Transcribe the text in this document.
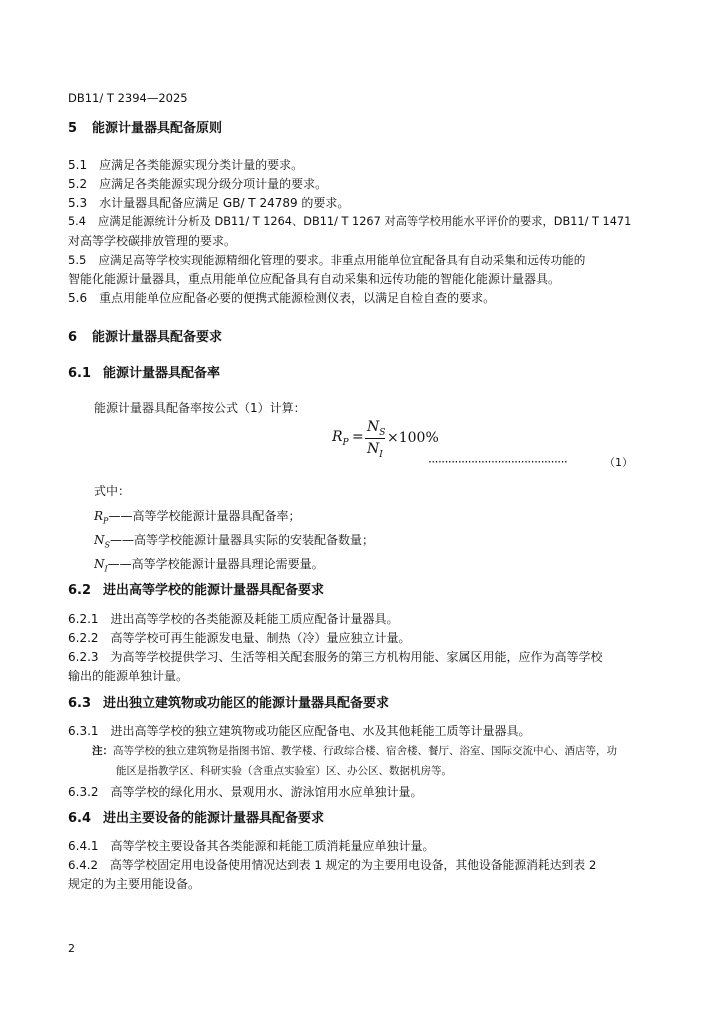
DB11/ T 2394—2025
5 能源计量器具配备原则
5.1 应满足各类能源实现分类计量的要求。
5.2 应满足各类能源实现分级分项计量的要求。
5.3 水计量器具配备应满足 GB/ T 24789 的要求。
5.4 应满足能源统计分析及 DB11/ T 1264、DB11/ T 1267 对高等学校用能水平评价的要求，DB11/ T 1471
对高等学校碳排放管理的要求。
5.5 应满足高等学校实现能源精细化管理的要求。非重点用能单位宜配备具有自动采集和远传功能的
智能化能源计量器具，重点用能单位应配备具有自动采集和远传功能的智能化能源计量器具。
5.6 重点用能单位应配备必要的便携式能源检测仪表，以满足自检自查的要求。
6 能源计量器具配备要求
6.1 能源计量器具配备率
能源计量器具配备率按公式（1）计算：
$R_P$ =
$N_S$
$N_I$
×100%
··········································	（1）
式中：
$R_P——$高等学校能源计量器具配备率；
$N_S——$高等学校能源计量器具实际的安装配备数量；
$N_I——$高等学校能源计量器具理论需要量。
6.2 进出高等学校的能源计量器具配备要求
6.2.1 进出高等学校的各类能源及耗能工质应配备计量器具。
6.2.2 高等学校可再生能源发电量、制热（冷）量应独立计量。
6.2.3 为高等学校提供学习、生活等相关配套服务的第三方机构用能、家属区用能，应作为高等学校
输出的能源单独计量。
6.3 进出独立建筑物或功能区的能源计量器具配备要求
6.3.1 进出高等学校的独立建筑物或功能区应配备电、水及其他耗能工质等计量器具。
注：高等学校的独立建筑物是指图书馆、教学楼、行政综合楼、宿舍楼、餐厅、浴室、国际交流中心、酒店等，功
能区是指教学区、科研实验（含重点实验室）区、办公区、数据机房等。
6.3.2 高等学校的绿化用水、景观用水、游泳馆用水应单独计量。
6.4 进出主要设备的能源计量器具配备要求
6.4.1 高等学校主要设备其各类能源和耗能工质消耗量应单独计量。
6.4.2 高等学校固定用电设备使用情况达到表 1 规定的为主要用电设备，其他设备能源消耗达到表 2
规定的为主要用能设备。
2
